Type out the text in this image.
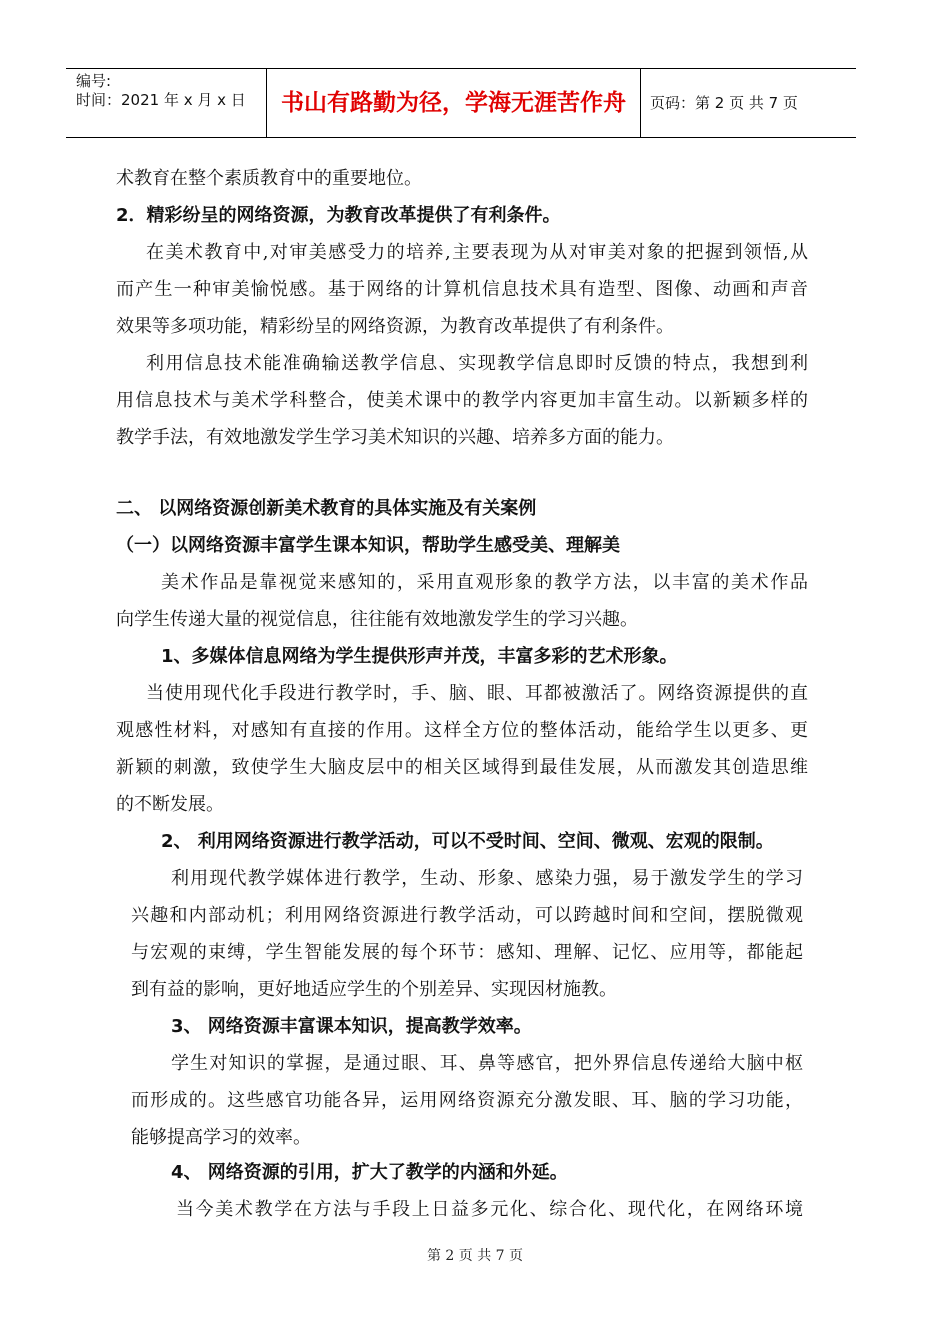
编号:
时间：2021 年 x 月 x 日	书山有路勤为径，学海无涯苦作舟	页码：第 2 页 共 7 页
术教育在整个素质教育中的重要地位。
2．精彩纷呈的网络资源，为教育改革提供了有利条件。
在美术教育中,对审美感受力的培养,主要表现为从对审美对象的把握到领悟,从
而产生一种审美愉悦感。基于网络的计算机信息技术具有造型、图像、动画和声音
效果等多项功能，精彩纷呈的网络资源，为教育改革提供了有利条件。
利用信息技术能准确输送教学信息、实现教学信息即时反馈的特点，我想到利
用信息技术与美术学科整合，使美术课中的教学内容更加丰富生动。以新颖多样的
教学手法，有效地激发学生学习美术知识的兴趣、培养多方面的能力。
二、 以网络资源创新美术教育的具体实施及有关案例
（一）以网络资源丰富学生课本知识，帮助学生感受美、理解美
美术作品是靠视觉来感知的，采用直观形象的教学方法，以丰富的美术作品
向学生传递大量的视觉信息，往往能有效地激发学生的学习兴趣。
1、多媒体信息网络为学生提供形声并茂，丰富多彩的艺术形象。
当使用现代化手段进行教学时，手、脑、眼、耳都被激活了。网络资源提供的直
观感性材料，对感知有直接的作用。这样全方位的整体活动，能给学生以更多、更
新颖的刺激，致使学生大脑皮层中的相关区域得到最佳发展，从而激发其创造思维
的不断发展。
2、 利用网络资源进行教学活动，可以不受时间、空间、微观、宏观的限制。
利用现代教学媒体进行教学，生动、形象、感染力强，易于激发学生的学习
兴趣和内部动机；利用网络资源进行教学活动，可以跨越时间和空间，摆脱微观
与宏观的束缚，学生智能发展的每个环节：感知、理解、记忆、应用等，都能起
到有益的影响，更好地适应学生的个别差异、实现因材施教。
3、 网络资源丰富课本知识，提高教学效率。
学生对知识的掌握，是通过眼、耳、鼻等感官，把外界信息传递给大脑中枢
而形成的。这些感官功能各异，运用网络资源充分激发眼、耳、脑的学习功能，
能够提高学习的效率。
4、 网络资源的引用，扩大了教学的内涵和外延。
当今美术教学在方法与手段上日益多元化、综合化、现代化，在网络环境
第 2 页 共 7 页
